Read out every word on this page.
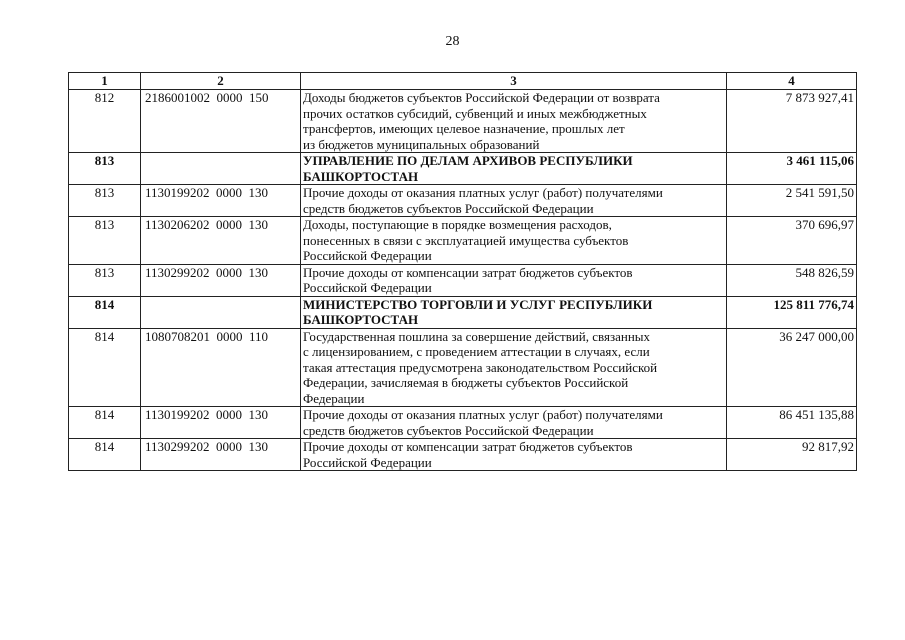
28
1	2	3	4
812	2186001002  0000  150	Доходы бюджетов субъектов Российской Федерации от возврата
прочих остатков субсидий, субвенций и иных межбюджетных
трансфертов, имеющих целевое назначение, прошлых лет
из бюджетов муниципальных образований	7 873 927,41
813		УПРАВЛЕНИЕ ПО ДЕЛАМ АРХИВОВ РЕСПУБЛИКИ
БАШКОРТОСТАН	3 461 115,06
813	1130199202  0000  130	Прочие доходы от оказания платных услуг (работ) получателями
средств бюджетов субъектов Российской Федерации	2 541 591,50
813	1130206202  0000  130	Доходы, поступающие в порядке возмещения расходов,
понесенных в связи с эксплуатацией имущества субъектов
Российской Федерации	370 696,97
813	1130299202  0000  130	Прочие доходы от компенсации затрат бюджетов субъектов
Российской Федерации	548 826,59
814		МИНИСТЕРСТВО ТОРГОВЛИ И УСЛУГ РЕСПУБЛИКИ
БАШКОРТОСТАН	125 811 776,74
814	1080708201  0000  110	Государственная пошлина за совершение действий, связанных
с лицензированием, с проведением аттестации в случаях, если
такая аттестация предусмотрена законодательством Российской
Федерации, зачисляемая в бюджеты субъектов Российской
Федерации	36 247 000,00
814	1130199202  0000  130	Прочие доходы от оказания платных услуг (работ) получателями
средств бюджетов субъектов Российской Федерации	86 451 135,88
814	1130299202  0000  130	Прочие доходы от компенсации затрат бюджетов субъектов
Российской Федерации	92 817,92
